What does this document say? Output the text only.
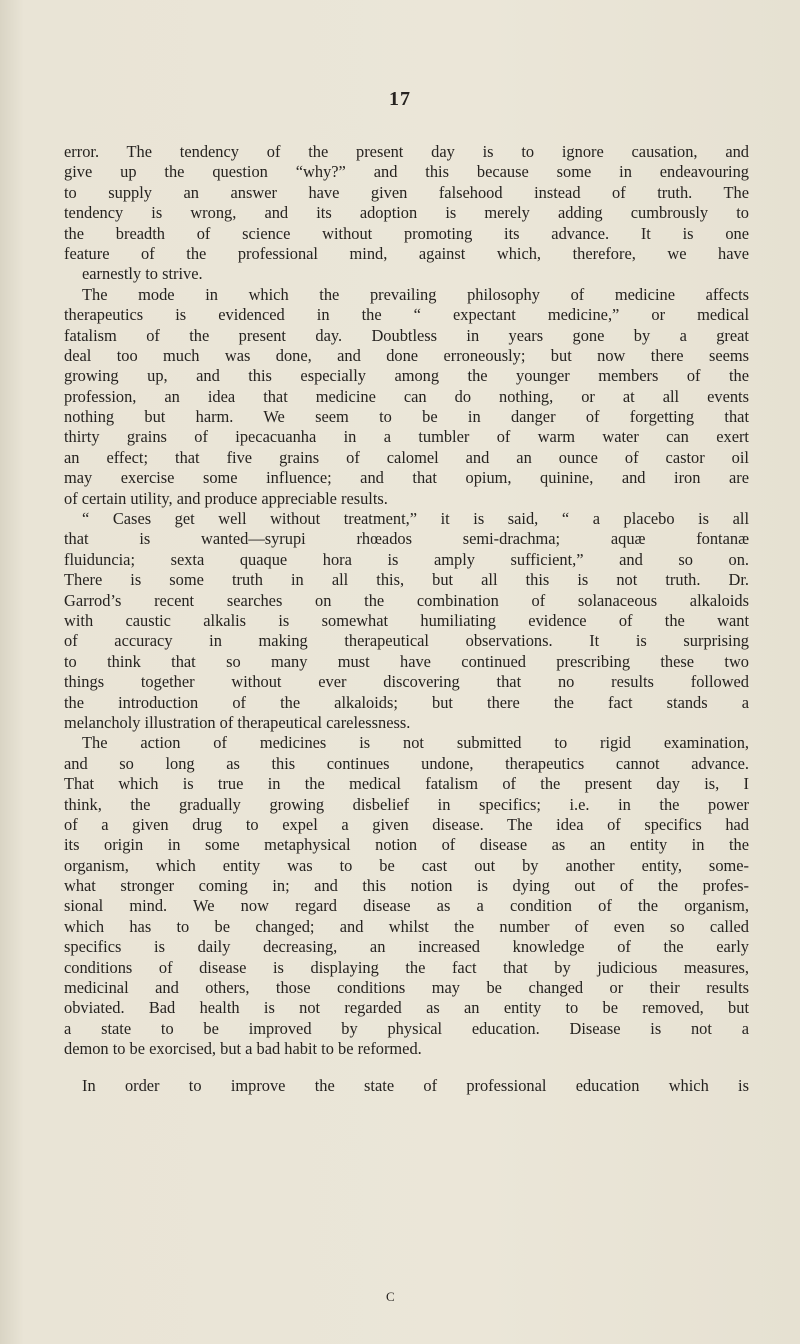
17
error. The tendency of the present day is to ignore causation, and
give up the question “why?” and this because some in endeavouring
to supply an answer have given falsehood instead of truth. The
tendency is wrong, and its adoption is merely adding cumbrously to
the breadth of science without promoting its advance. It is one
feature of the professional mind, against which, therefore, we have
earnestly to strive.
The mode in which the prevailing philosophy of medicine affects
therapeutics is evidenced in the “ expectant medicine,” or medical
fatalism of the present day. Doubtless in years gone by a great
deal too much was done, and done erroneously; but now there seems
growing up, and this especially among the younger members of the
profession, an idea that medicine can do nothing, or at all events
nothing but harm. We seem to be in danger of forgetting that
thirty grains of ipecacuanha in a tumbler of warm water can exert
an effect; that five grains of calomel and an ounce of castor oil
may exercise some influence; and that opium, quinine, and iron are
of certain utility, and produce appreciable results.
“ Cases get well without treatment,” it is said, “ a placebo is all
that is wanted—syrupi rhœados semi-drachma; aquæ fontanæ
fluiduncia; sexta quaque hora is amply sufficient,” and so on.
There is some truth in all this, but all this is not truth. Dr.
Garrod’s recent searches on the combination of solanaceous alkaloids
with caustic alkalis is somewhat humiliating evidence of the want
of accuracy in making therapeutical observations. It is surprising
to think that so many must have continued prescribing these two
things together without ever discovering that no results followed
the introduction of the alkaloids; but there the fact stands a
melancholy illustration of therapeutical carelessness.
The action of medicines is not submitted to rigid examination,
and so long as this continues undone, therapeutics cannot advance.
That which is true in the medical fatalism of the present day is, I
think, the gradually growing disbelief in specifics; i.e. in the power
of a given drug to expel a given disease. The idea of specifics had
its origin in some metaphysical notion of disease as an entity in the
organism, which entity was to be cast out by another entity, some-
what stronger coming in; and this notion is dying out of the profes-
sional mind. We now regard disease as a condition of the organism,
which has to be changed; and whilst the number of even so called
specifics is daily decreasing, an increased knowledge of the early
conditions of disease is displaying the fact that by judicious measures,
medicinal and others, those conditions may be changed or their results
obviated. Bad health is not regarded as an entity to be removed, but
a state to be improved by physical education. Disease is not a
demon to be exorcised, but a bad habit to be reformed.
In order to improve the state of professional education which is
C
